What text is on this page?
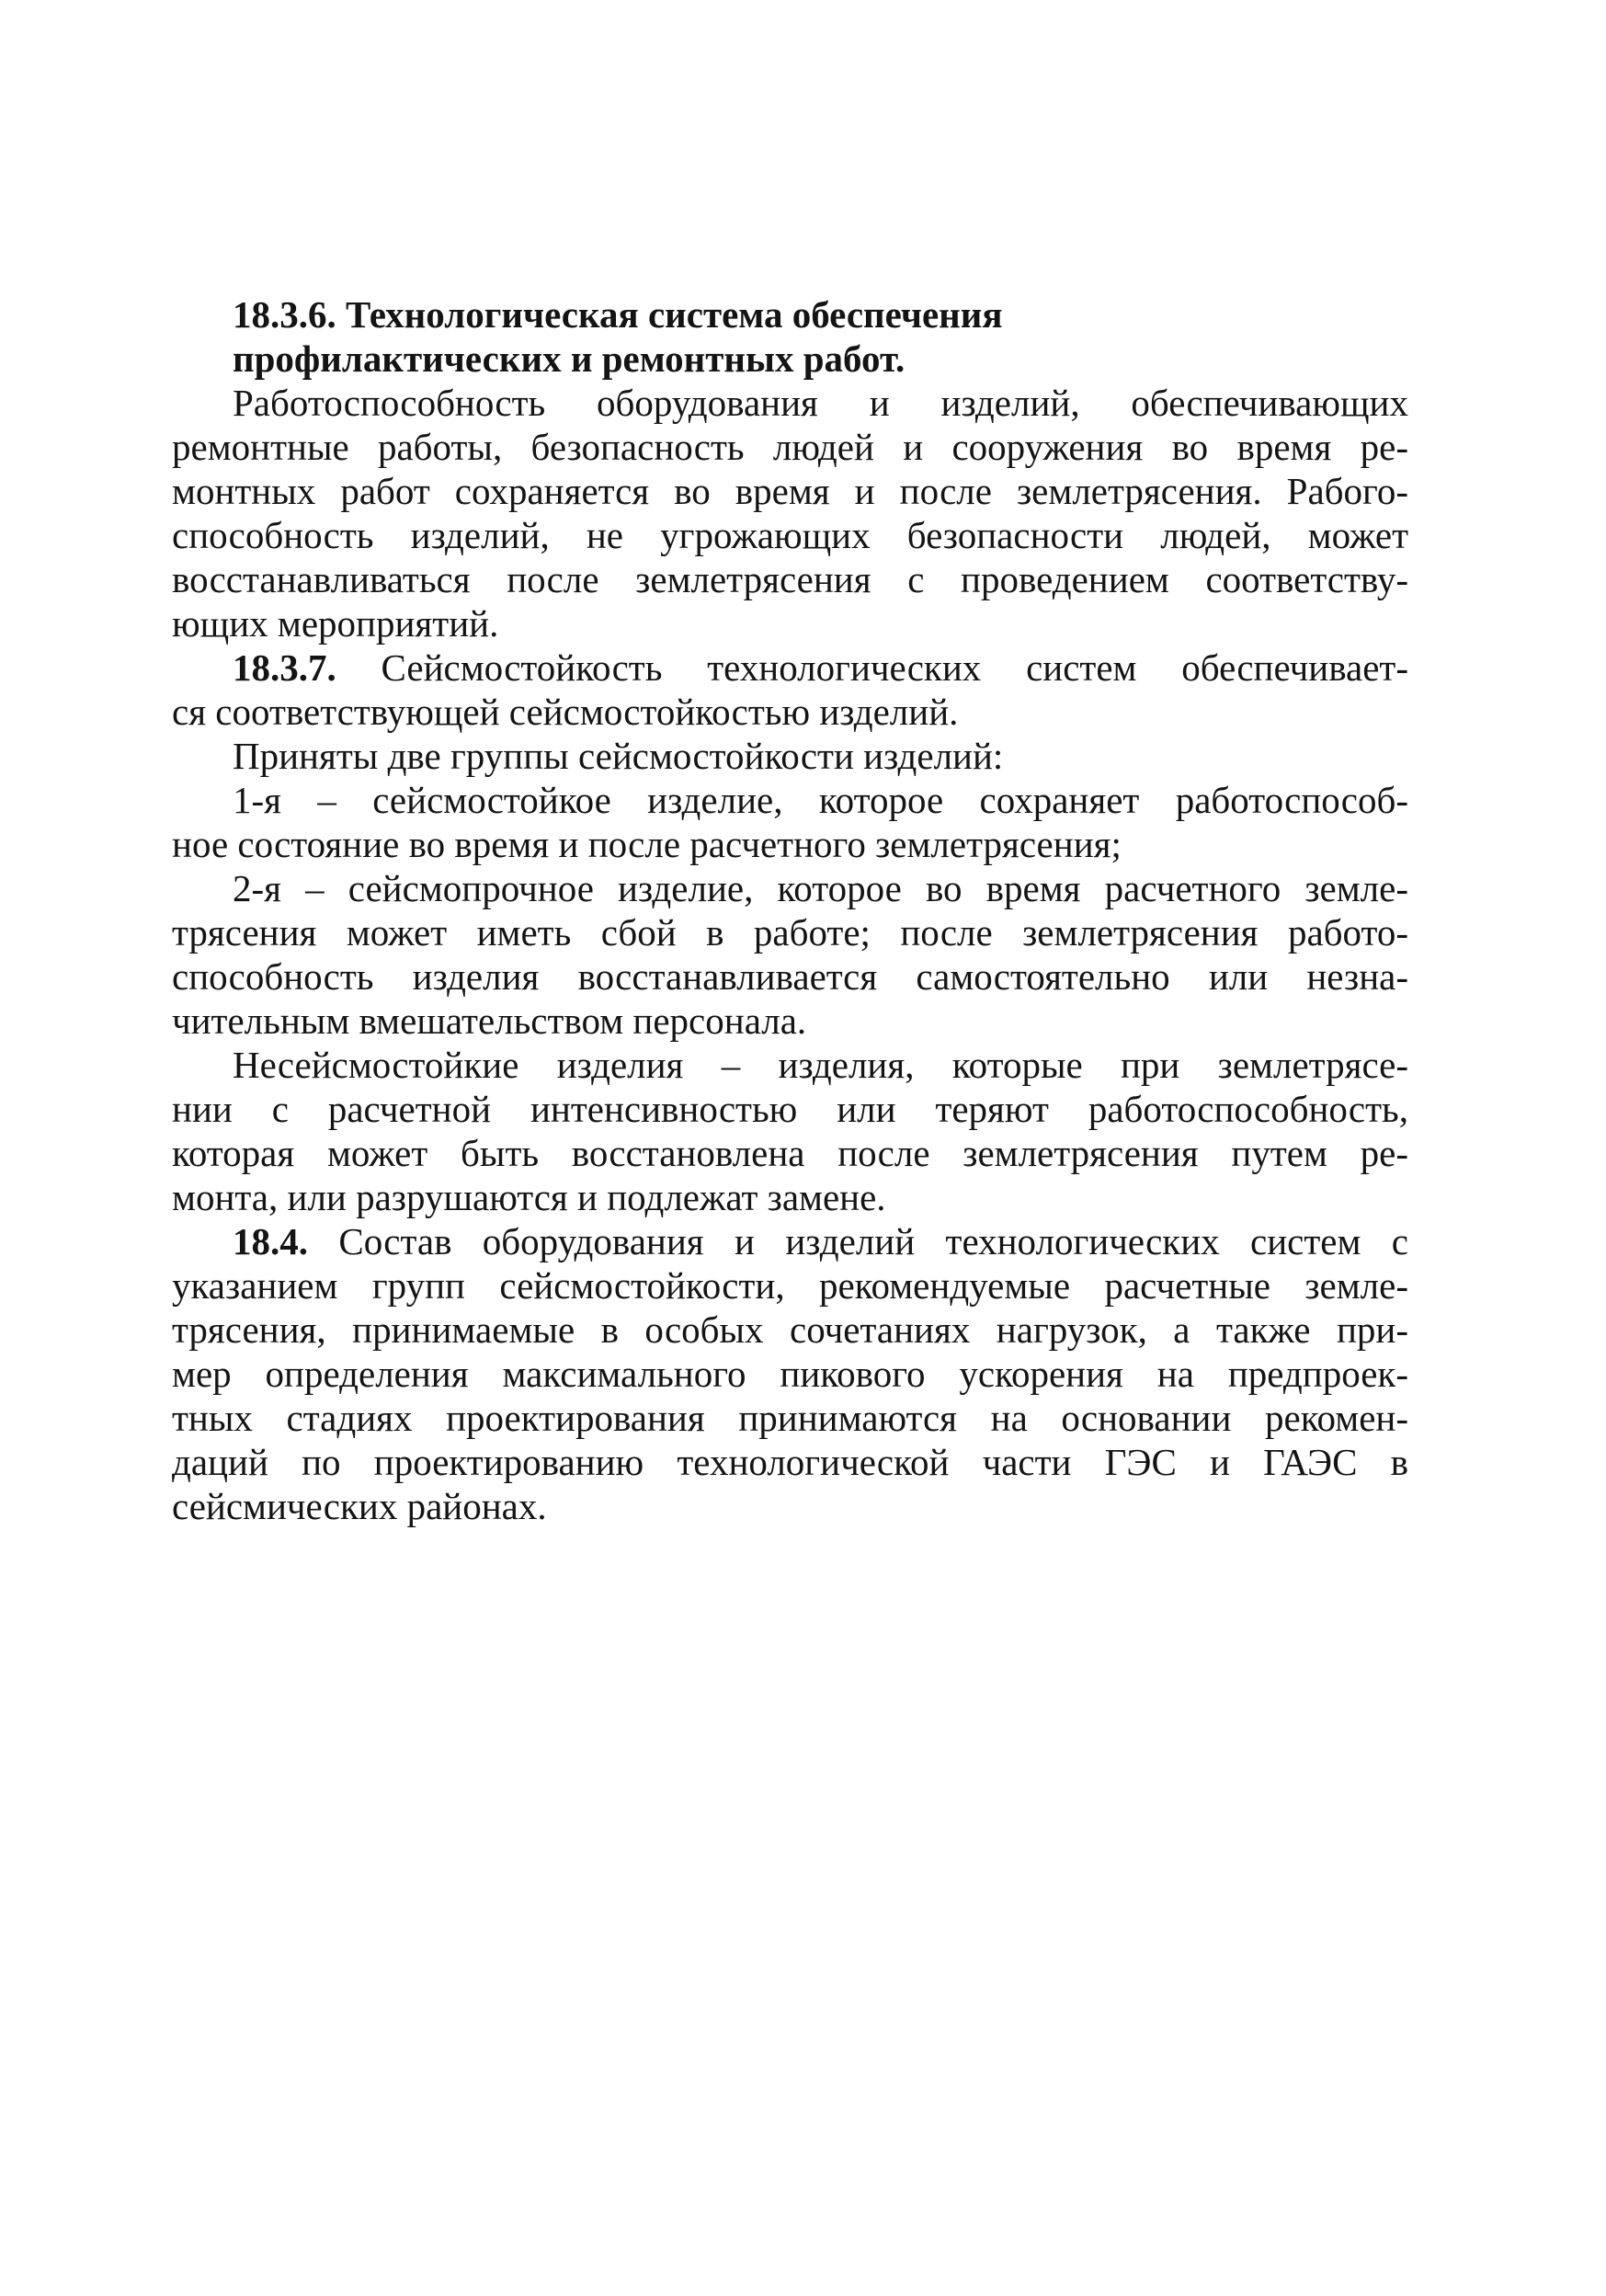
18.3.6. Технологическая система обеспечения
профилактических и ремонтных работ.
Работоспособность оборудования и изделий, обеспечивающих
ремонтные работы, безопасность людей и сооружения во время ре-
монтных работ сохраняется во время и после землетрясения. Рабого-
способность изделий, не угрожающих безопасности людей, может
восстанавливаться после землетрясения с проведением соответству-
ющих мероприятий.
18.3.7. Сейсмостойкость технологических систем обеспечивает-
ся соответствующей сейсмостойкостью изделий.
Приняты две группы сейсмостойкости изделий:
1-я – сейсмостойкое изделие, которое сохраняет работоспособ-
ное состояние во время и после расчетного землетрясения;
2-я – сейсмопрочное изделие, которое во время расчетного земле-
трясения может иметь сбой в работе; после землетрясения работо-
способность изделия восстанавливается самостоятельно или незна-
чительным вмешательством персонала.
Несейсмостойкие изделия – изделия, которые при землетрясе-
нии с расчетной интенсивностью или теряют работоспособность,
которая может быть восстановлена после землетрясения путем ре-
монта, или разрушаются и подлежат замене.
18.4. Состав оборудования и изделий технологических систем с
указанием групп сейсмостойкости, рекомендуемые расчетные земле-
трясения, принимаемые в особых сочетаниях нагрузок, а также при-
мер определения максимального пикового ускорения на предпроек-
тных стадиях проектирования принимаются на основании рекомен-
даций по проектированию технологической части ГЭС и ГАЭС в
сейсмических районах.
